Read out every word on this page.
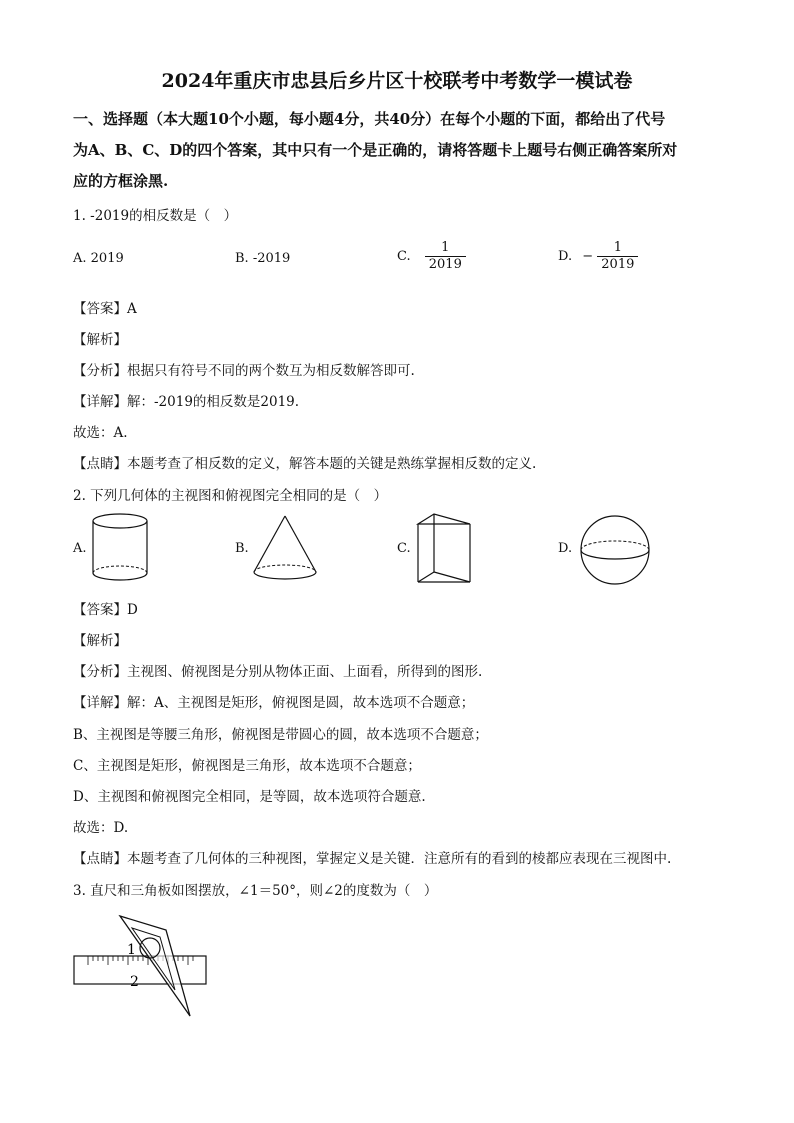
2024年重庆市忠县后乡片区十校联考中考数学一模试卷
一、选择题（本大题10个小题，每小题4分，共40分）在每个小题的下面，都给出了代号
为A、B、C、D的四个答案，其中只有一个是正确的，请将答题卡上题号右侧正确答案所对
应的方框涂黑.
1. -2019的相反数是（　）
A. 2019	B. -2019	C. $\frac{1}{2019}$	D. − $\frac{1}{2019}$
【答案】A
【解析】
【分析】根据只有符号不同的两个数互为相反数解答即可.
【详解】解：-2019的相反数是2019.
故选：A.
【点睛】本题考查了相反数的定义，解答本题的关键是熟练掌握相反数的定义.
2. 下列几何体的主视图和俯视图完全相同的是（　）
A.	B.	C.	D.
【答案】D
【解析】
【分析】主视图、俯视图是分别从物体正面、上面看，所得到的图形.
【详解】解：A、主视图是矩形，俯视图是圆，故本选项不合题意；
B、主视图是等腰三角形，俯视图是带圆心的圆，故本选项不合题意；
C、主视图是矩形，俯视图是三角形，故本选项不合题意；
D、主视图和俯视图完全相同，是等圆，故本选项符合题意.
故选：D.
【点睛】本题考查了几何体的三种视图，掌握定义是关键．注意所有的看到的棱都应表现在三视图中.
3. 直尺和三角板如图摆放，∠1＝50°，则∠2的度数为（　）
1
2
